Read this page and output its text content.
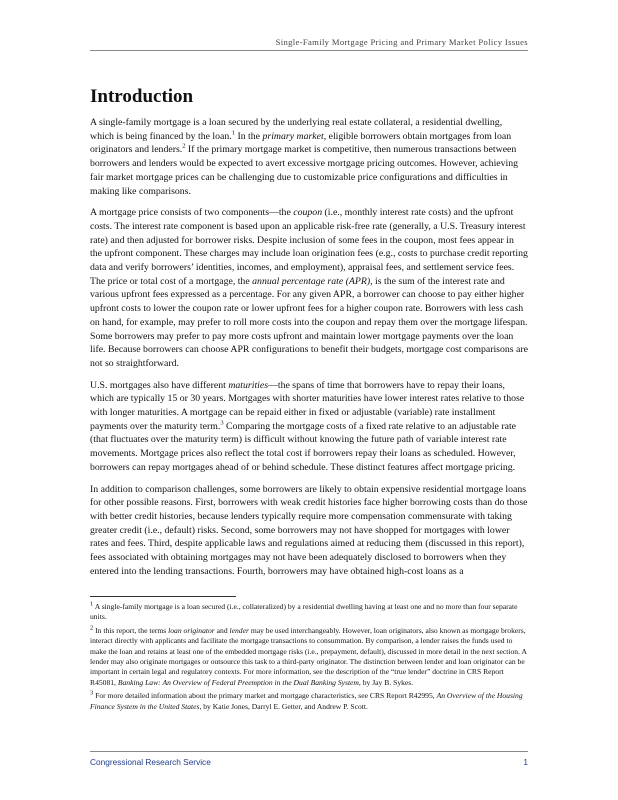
Single-Family Mortgage Pricing and Primary Market Policy Issues
Introduction

A single-family mortgage is a loan secured by the underlying real estate collateral, a residential dwelling, which is being financed by the loan.$^1$ In the primary market, eligible borrowers obtain mortgages from loan originators and lenders.$^2$ If the primary mortgage market is competitive, then numerous transactions between borrowers and lenders would be expected to avert excessive mortgage pricing outcomes. However, achieving fair market mortgage prices can be challenging due to customizable price configurations and difficulties in making like comparisons.

A mortgage price consists of two components—the coupon (i.e., monthly interest rate costs) and the upfront costs. The interest rate component is based upon an applicable risk-free rate (generally, a U.S. Treasury interest rate) and then adjusted for borrower risks. Despite inclusion of some fees in the coupon, most fees appear in the upfront component. These charges may include loan origination fees (e.g., costs to purchase credit reporting data and verify borrowers’ identities, incomes, and employment), appraisal fees, and settlement service fees. The price or total cost of a mortgage, the annual percentage rate (APR), is the sum of the interest rate and various upfront fees expressed as a percentage. For any given APR, a borrower can choose to pay either higher upfront costs to lower the coupon rate or lower upfront fees for a higher coupon rate. Borrowers with less cash on hand, for example, may prefer to roll more costs into the coupon and repay them over the mortgage lifespan. Some borrowers may prefer to pay more costs upfront and maintain lower mortgage payments over the loan life. Because borrowers can choose APR configurations to benefit their budgets, mortgage cost comparisons are not so straightforward.

U.S. mortgages also have different maturities—the spans of time that borrowers have to repay their loans, which are typically 15 or 30 years. Mortgages with shorter maturities have lower interest rates relative to those with longer maturities. A mortgage can be repaid either in fixed or adjustable (variable) rate installment payments over the maturity term.$^3$ Comparing the mortgage costs of a fixed rate relative to an adjustable rate (that fluctuates over the maturity term) is difficult without knowing the future path of variable interest rate movements. Mortgage prices also reflect the total cost if borrowers repay their loans as scheduled. However, borrowers can repay mortgages ahead of or behind schedule. These distinct features affect mortgage pricing.

In addition to comparison challenges, some borrowers are likely to obtain expensive residential mortgage loans for other possible reasons. First, borrowers with weak credit histories face higher borrowing costs than do those with better credit histories, because lenders typically require more compensation commensurate with taking greater credit (i.e., default) risks. Second, some borrowers may not have shopped for mortgages with lower rates and fees. Third, despite applicable laws and regulations aimed at reducing them (discussed in this report), fees associated with obtaining mortgages may not have been adequately disclosed to borrowers when they entered into the lending transactions. Fourth, borrowers may have obtained high-cost loans as a

$^1$ A single-family mortgage is a loan secured (i.e., collateralized) by a residential dwelling having at least one and no more than four separate units.

$^2$ In this report, the terms loan originator and lender may be used interchangeably. However, loan originators, also known as mortgage brokers, interact directly with applicants and facilitate the mortgage transactions to consummation. By comparison, a lender raises the funds used to make the loan and retains at least one of the embedded mortgage risks (i.e., prepayment, default), discussed in more detail in the next section. A lender may also originate mortgages or outsource this task to a third-party originator. The distinction between lender and loan originator can be important in certain legal and regulatory contexts. For more information, see the description of the “true lender” doctrine in CRS Report R45081, Banking Law: An Overview of Federal Preemption in the Dual Banking System, by Jay B. Sykes.

$^3$ For more detailed information about the primary market and mortgage characteristics, see CRS Report R42995, An Overview of the Housing Finance System in the United States, by Katie Jones, Darryl E. Getter, and Andrew P. Scott.

Congressional Research Service	1
